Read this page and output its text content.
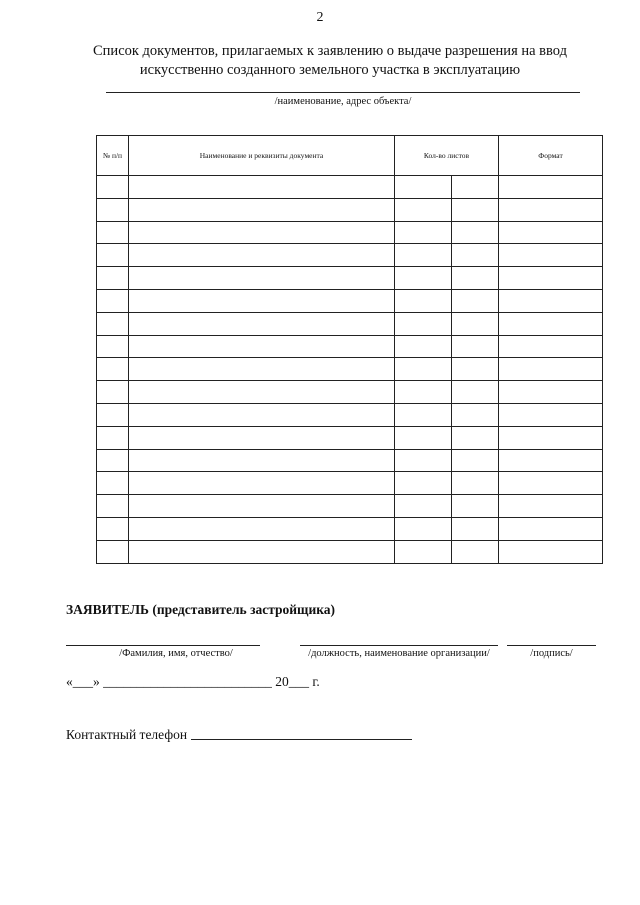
2
Список документов, прилагаемых к заявлению о выдаче разрешения на ввод искусственно созданного земельного участка в эксплуатацию
/наименование, адрес объекта/
№ п/п	Наименование и реквизиты документа	Кол-во листов		Формат

ЗАЯВИТЕЛЬ (представитель застройщика)
/Фамилия, имя, отчество/	/должность, наименование организации/	/подпись/
«___» _________________________ 20___ г.
Контактный телефон
